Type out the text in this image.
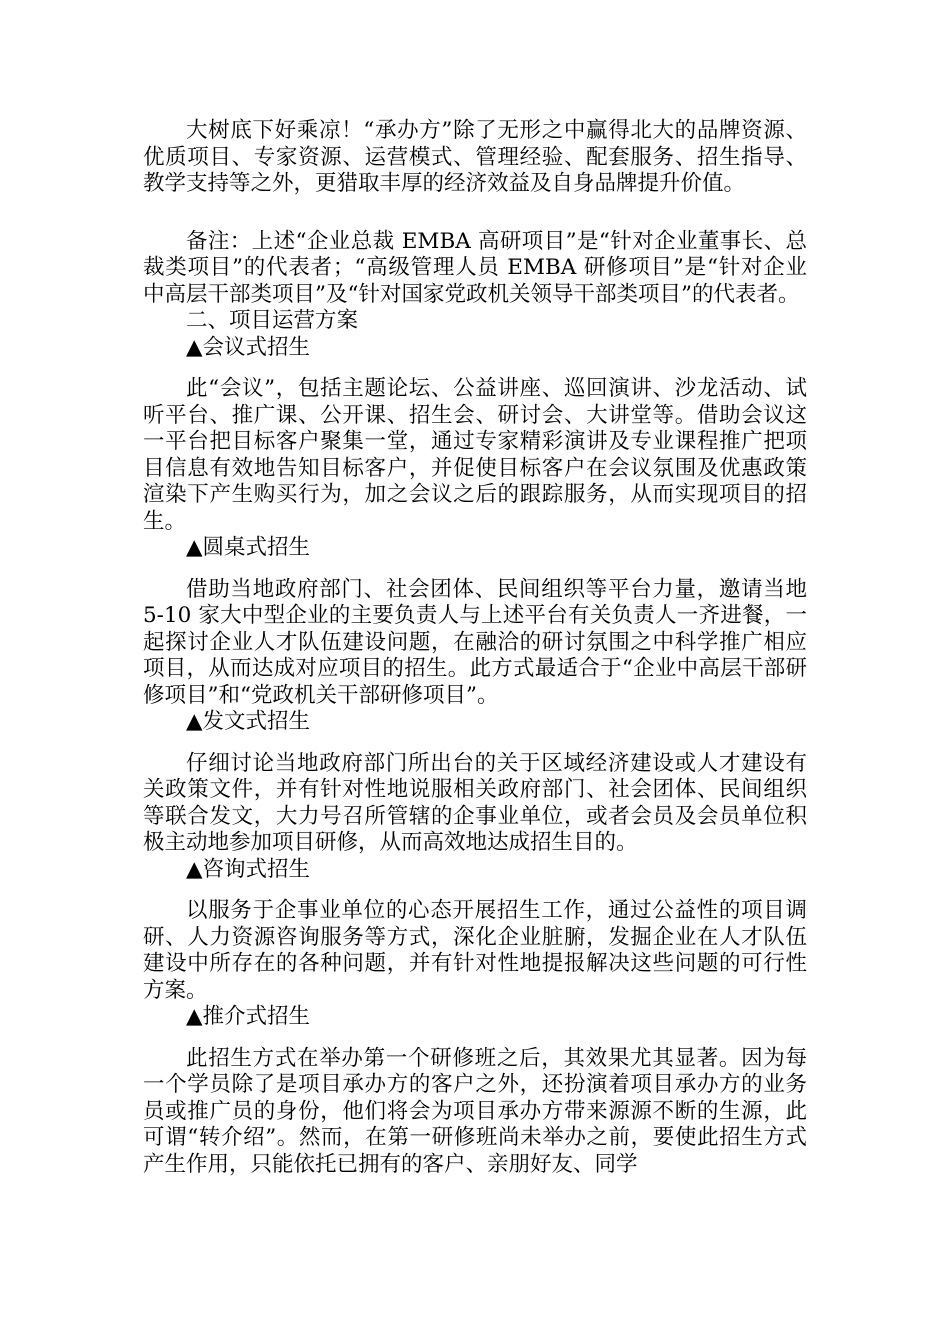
大树底下好乘凉！“承办方”除了无形之中赢得北大的品牌资源、优质项目、专家资源、运营模式、管理经验、配套服务、招生指导、教学支持等之外，更猎取丰厚的经济效益及自身品牌提升价值。

备注：上述“企业总裁 EMBA 高研项目”是“针对企业董事长、总裁类项目”的代表者；“高级管理人员 EMBA 研修项目”是“针对企业中高层干部类项目”及“针对国家党政机关领导干部类项目”的代表者。

二、项目运营方案

▲会议式招生

此“会议”，包括主题论坛、公益讲座、巡回演讲、沙龙活动、试听平台、推广课、公开课、招生会、研讨会、大讲堂等。借助会议这一平台把目标客户聚集一堂，通过专家精彩演讲及专业课程推广把项目信息有效地告知目标客户，并促使目标客户在会议氛围及优惠政策渲染下产生购买行为，加之会议之后的跟踪服务，从而实现项目的招生。

▲圆桌式招生

借助当地政府部门、社会团体、民间组织等平台力量，邀请当地 5-10 家大中型企业的主要负责人与上述平台有关负责人一齐进餐，一起探讨企业人才队伍建设问题，在融洽的研讨氛围之中科学推广相应项目，从而达成对应项目的招生。此方式最适合于“企业中高层干部研修项目”和“党政机关干部研修项目”。

▲发文式招生

仔细讨论当地政府部门所出台的关于区域经济建设或人才建设有关政策文件，并有针对性地说服相关政府部门、社会团体、民间组织等联合发文，大力号召所管辖的企事业单位，或者会员及会员单位积极主动地参加项目研修，从而高效地达成招生目的。

▲咨询式招生

以服务于企事业单位的心态开展招生工作，通过公益性的项目调研、人力资源咨询服务等方式，深化企业脏腑，发掘企业在人才队伍建设中所存在的各种问题，并有针对性地提报解决这些问题的可行性方案。

▲推介式招生

此招生方式在举办第一个研修班之后，其效果尤其显著。因为每一个学员除了是项目承办方的客户之外，还扮演着项目承办方的业务员或推广员的身份，他们将会为项目承办方带来源源不断的生源，此可谓“转介绍”。然而，在第一研修班尚未举办之前，要使此招生方式产生作用，只能依托已拥有的客户、亲朋好友、同学
